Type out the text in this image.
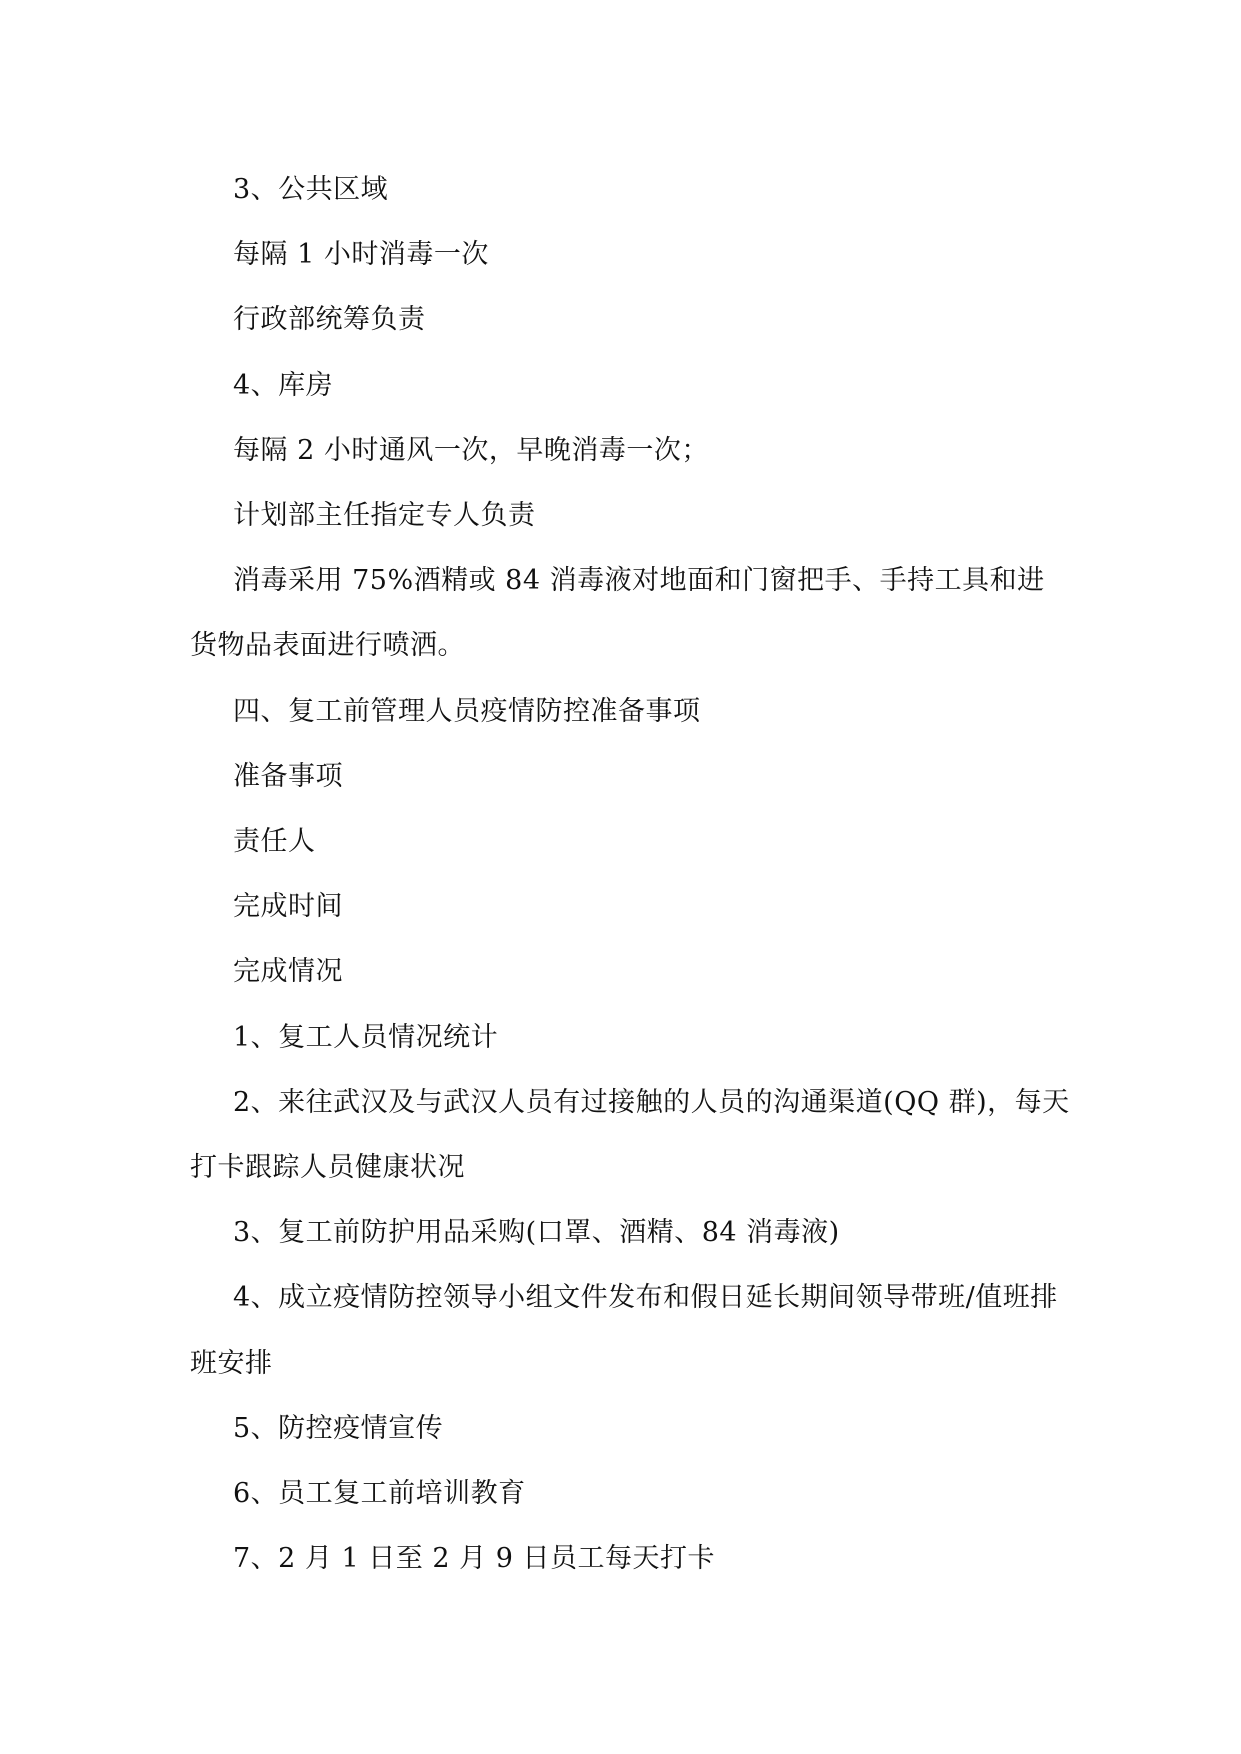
3、公共区域

每隔 1 小时消毒一次

行政部统筹负责

4、库房

每隔 2 小时通风一次，早晚消毒一次；

计划部主任指定专人负责

消毒采用 75%酒精或 84 消毒液对地面和门窗把手、手持工具和进货物品表面进行喷洒。

四、复工前管理人员疫情防控准备事项

准备事项

责任人

完成时间

完成情况

1、复工人员情况统计

2、来往武汉及与武汉人员有过接触的人员的沟通渠道(QQ 群)，每天打卡跟踪人员健康状况

3、复工前防护用品采购(口罩、酒精、84 消毒液)

4、成立疫情防控领导小组文件发布和假日延长期间领导带班/值班排班安排

5、防控疫情宣传

6、员工复工前培训教育

7、2 月 1 日至 2 月 9 日员工每天打卡
